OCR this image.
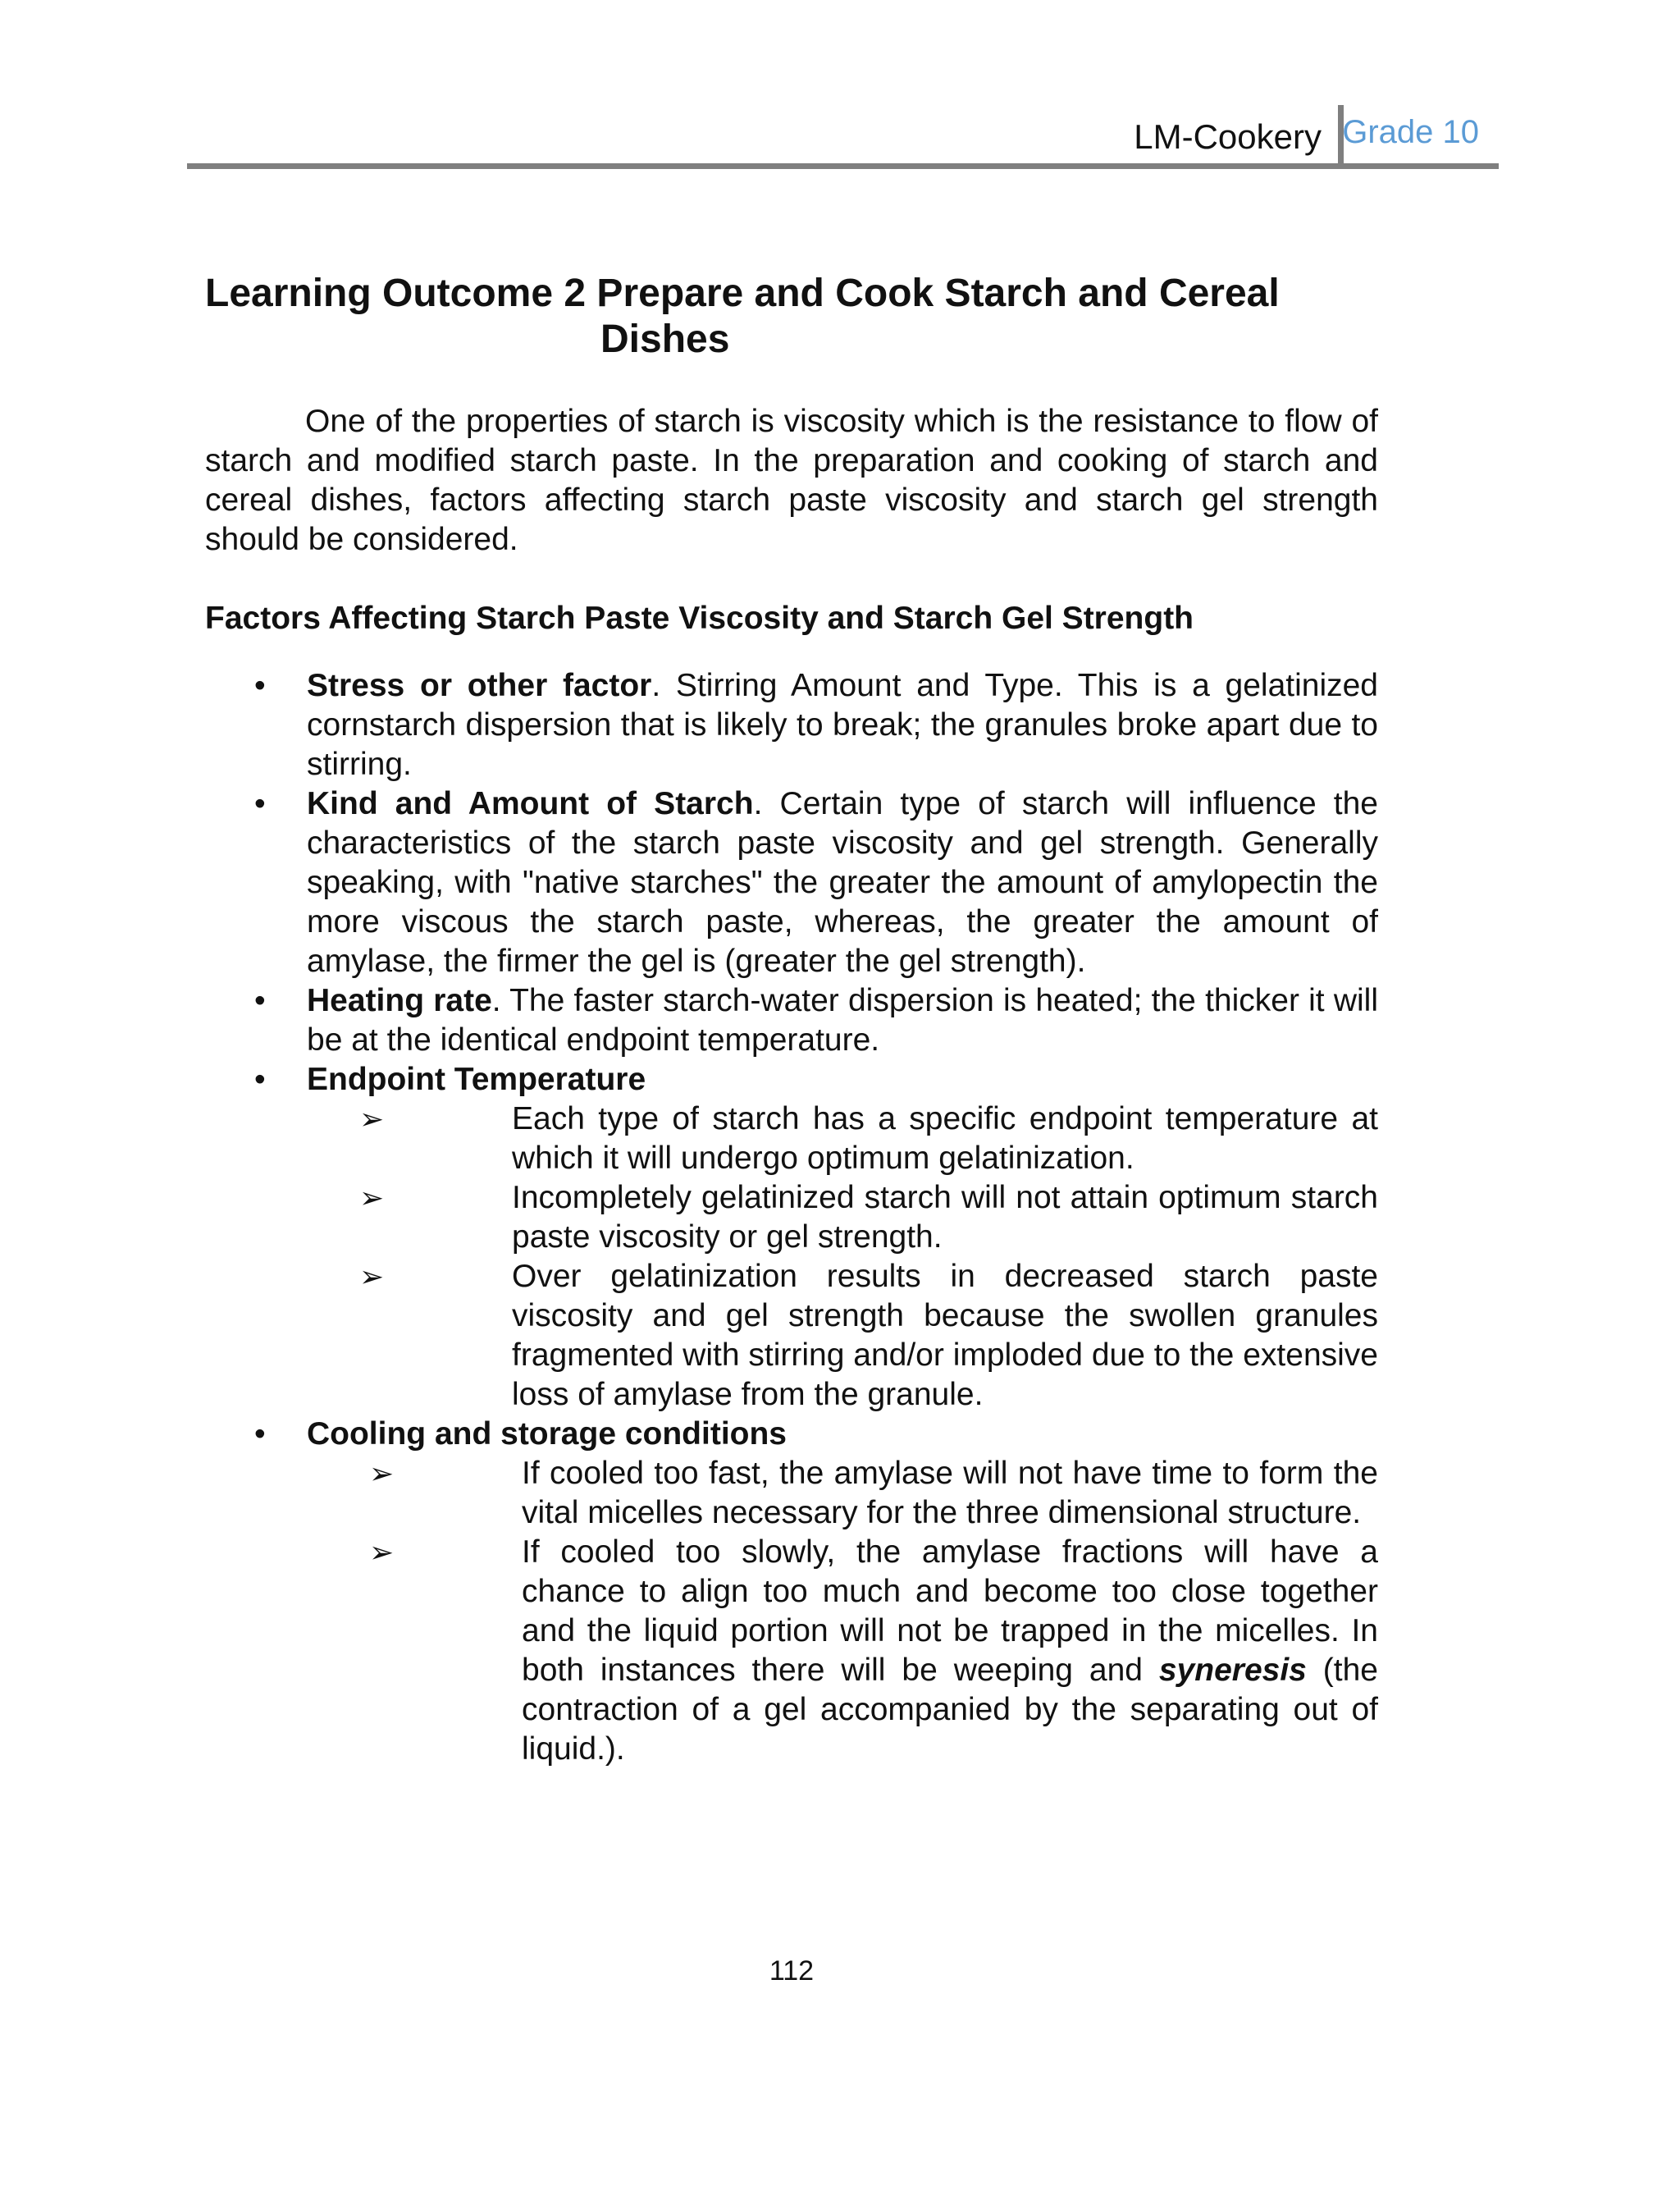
LM-Cookery Grade 10
Learning Outcome 2 Prepare and Cook Starch and Cereal
Dishes
One of the properties of starch is viscosity which is the resistance to flow of starch and modified starch paste. In the preparation and cooking of starch and cereal dishes, factors affecting starch paste viscosity and starch gel strength should be considered.
Factors Affecting Starch Paste Viscosity and Starch Gel Strength
•	Stress or other factor. Stirring Amount and Type. This is a gelatinized cornstarch dispersion that is likely to break; the granules broke apart due to stirring.
•	Kind and Amount of Starch. Certain type of starch will influence the characteristics of the starch paste viscosity and gel strength. Generally speaking, with "native starches" the greater the amount of amylopectin the more viscous the starch paste, whereas, the greater the amount of amylase, the firmer the gel is (greater the gel strength).
•	Heating rate. The faster starch-water dispersion is heated; the thicker it will be at the identical endpoint temperature.
•	Endpoint Temperature
➢	Each type of starch has a specific endpoint temperature at which it will undergo optimum gelatinization.
➢	Incompletely gelatinized starch will not attain optimum starch paste viscosity or gel strength.
➢	Over gelatinization results in decreased starch paste viscosity and gel strength because the swollen granules fragmented with stirring and/or imploded due to the extensive loss of amylase from the granule.
•	Cooling and storage conditions
➢	If cooled too fast, the amylase will not have time to form the vital micelles necessary for the three dimensional structure.
➢	If cooled too slowly, the amylase fractions will have a chance to align too much and become too close together and the liquid portion will not be trapped in the micelles. In both instances there will be weeping and syneresis (the contraction of a gel accompanied by the separating out of liquid.).
112
